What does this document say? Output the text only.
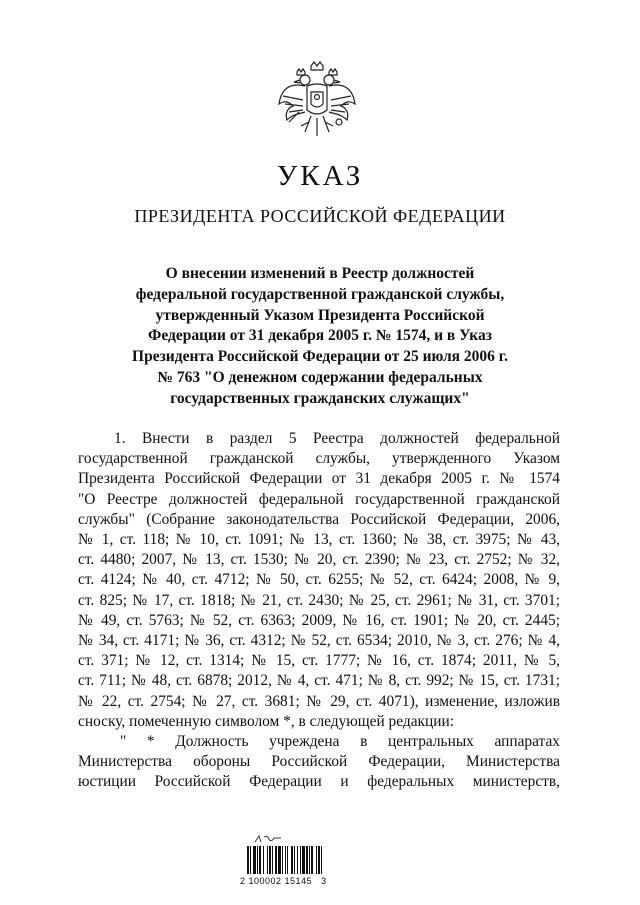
УКАЗ
ПРЕЗИДЕНТА РОССИЙСКОЙ ФЕДЕРАЦИИ
О внесении изменений в Реестр должностей
федеральной государственной гражданской службы,
утвержденный Указом Президента Российской
Федерации от 31 декабря 2005 г. № 1574, и в Указ
Президента Российской Федерации от 25 июля 2006 г.
№ 763 "О денежном содержании федеральных
государственных гражданских служащих"
1. Внести в раздел 5 Реестра должностей федеральной
государственной гражданской службы, утвержденного Указом
Президента Российской Федерации от 31 декабря 2005 г. № 1574
"О Реестре должностей федеральной государственной гражданской
службы" (Собрание законодательства Российской Федерации, 2006,
№ 1, ст. 118; № 10, ст. 1091; № 13, ст. 1360; № 38, ст. 3975; № 43,
ст. 4480; 2007, № 13, ст. 1530; № 20, ст. 2390; № 23, ст. 2752; № 32,
ст. 4124; № 40, ст. 4712; № 50, ст. 6255; № 52, ст. 6424; 2008, № 9,
ст. 825; № 17, ст. 1818; № 21, ст. 2430; № 25, ст. 2961; № 31, ст. 3701;
№ 49, ст. 5763; № 52, ст. 6363; 2009, № 16, ст. 1901; № 20, ст. 2445;
№ 34, ст. 4171; № 36, ст. 4312; № 52, ст. 6534; 2010, № 3, ст. 276; № 4,
ст. 371; № 12, ст. 1314; № 15, ст. 1777; № 16, ст. 1874; 2011, № 5,
ст. 711; № 48, ст. 6878; 2012, № 4, ст. 471; № 8, ст. 992; № 15, ст. 1731;
№ 22, ст. 2754; № 27, ст. 3681; № 29, ст. 4071), изменение, изложив
сноску, помеченную символом *, в следующей редакции:
" * Должность учреждена в центральных аппаратах
Министерства обороны Российской Федерации, Министерства
юстиции Российской Федерации и федеральных министерств,
2 100002 15145   3
